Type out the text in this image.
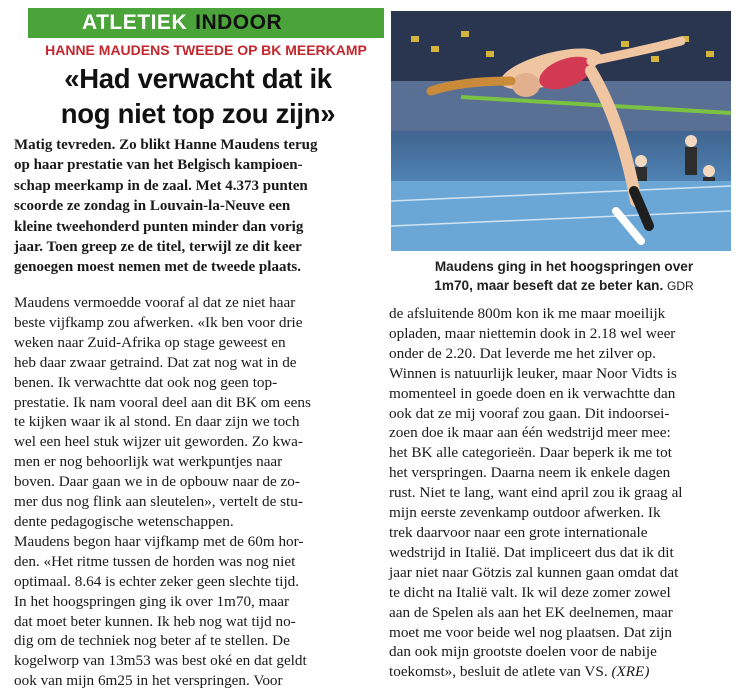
ATLETIEK INDOOR
HANNE MAUDENS TWEEDE OP BK MEERKAMP
«Had verwacht dat ik
nog niet top zou zijn»
Matig tevreden. Zo blikt Hanne Maudens terug
op haar prestatie van het Belgisch kampioen-
schap meerkamp in de zaal. Met 4.373 punten
scoorde ze zondag in Louvain-la-Neuve een
kleine tweehonderd punten minder dan vorig
jaar. Toen greep ze de titel, terwijl ze dit keer
genoegen moest nemen met de tweede plaats.	Maudens ging in het hoogspringen over
1m70, maar beseft dat ze beter kan. GDR
Maudens vermoedde vooraf al dat ze niet haar
beste vijfkamp zou afwerken. «Ik ben voor drie
weken naar Zuid-Afrika op stage geweest en
heb daar zwaar getraind. Dat zat nog wat in de
benen. Ik verwachtte dat ook nog geen top-
prestatie. Ik nam vooral deel aan dit BK om eens
te kijken waar ik al stond. En daar zijn we toch
wel een heel stuk wijzer uit geworden. Zo kwa-
men er nog behoorlijk wat werkpuntjes naar
boven. Daar gaan we in de opbouw naar de zo-
mer dus nog flink aan sleutelen», vertelt de stu-
dente pedagogische wetenschappen.
Maudens begon haar vijfkamp met de 60m hor-
den. «Het ritme tussen de horden was nog niet
optimaal. 8.64 is echter zeker geen slechte tijd.
In het hoogspringen ging ik over 1m70, maar
dat moet beter kunnen. Ik heb nog wat tijd no-
dig om de techniek nog beter af te stellen. De
kogelworp van 13m53 was best oké en dat geldt
ook van mijn 6m25 in het verspringen. Voor
de afsluitende 800m kon ik me maar moeilijk
opladen, maar niettemin dook in 2.18 wel weer
onder de 2.20. Dat leverde me het zilver op.
Winnen is natuurlijk leuker, maar Noor Vidts is
momenteel in goede doen en ik verwachtte dan
ook dat ze mij vooraf zou gaan. Dit indoorsei-
zoen doe ik maar aan één wedstrijd meer mee:
het BK alle categorieën. Daar beperk ik me tot
het verspringen. Daarna neem ik enkele dagen
rust. Niet te lang, want eind april zou ik graag al
mijn eerste zevenkamp outdoor afwerken. Ik
trek daarvoor naar een grote internationale
wedstrijd in Italië. Dat impliceert dus dat ik dit
jaar niet naar Götzis zal kunnen gaan omdat dat
te dicht na Italië valt. Ik wil deze zomer zowel
aan de Spelen als aan het EK deelnemen, maar
moet me voor beide wel nog plaatsen. Dat zijn
dan ook mijn grootste doelen voor de nabije
toekomst», besluit de atlete van VS. (XRE)
